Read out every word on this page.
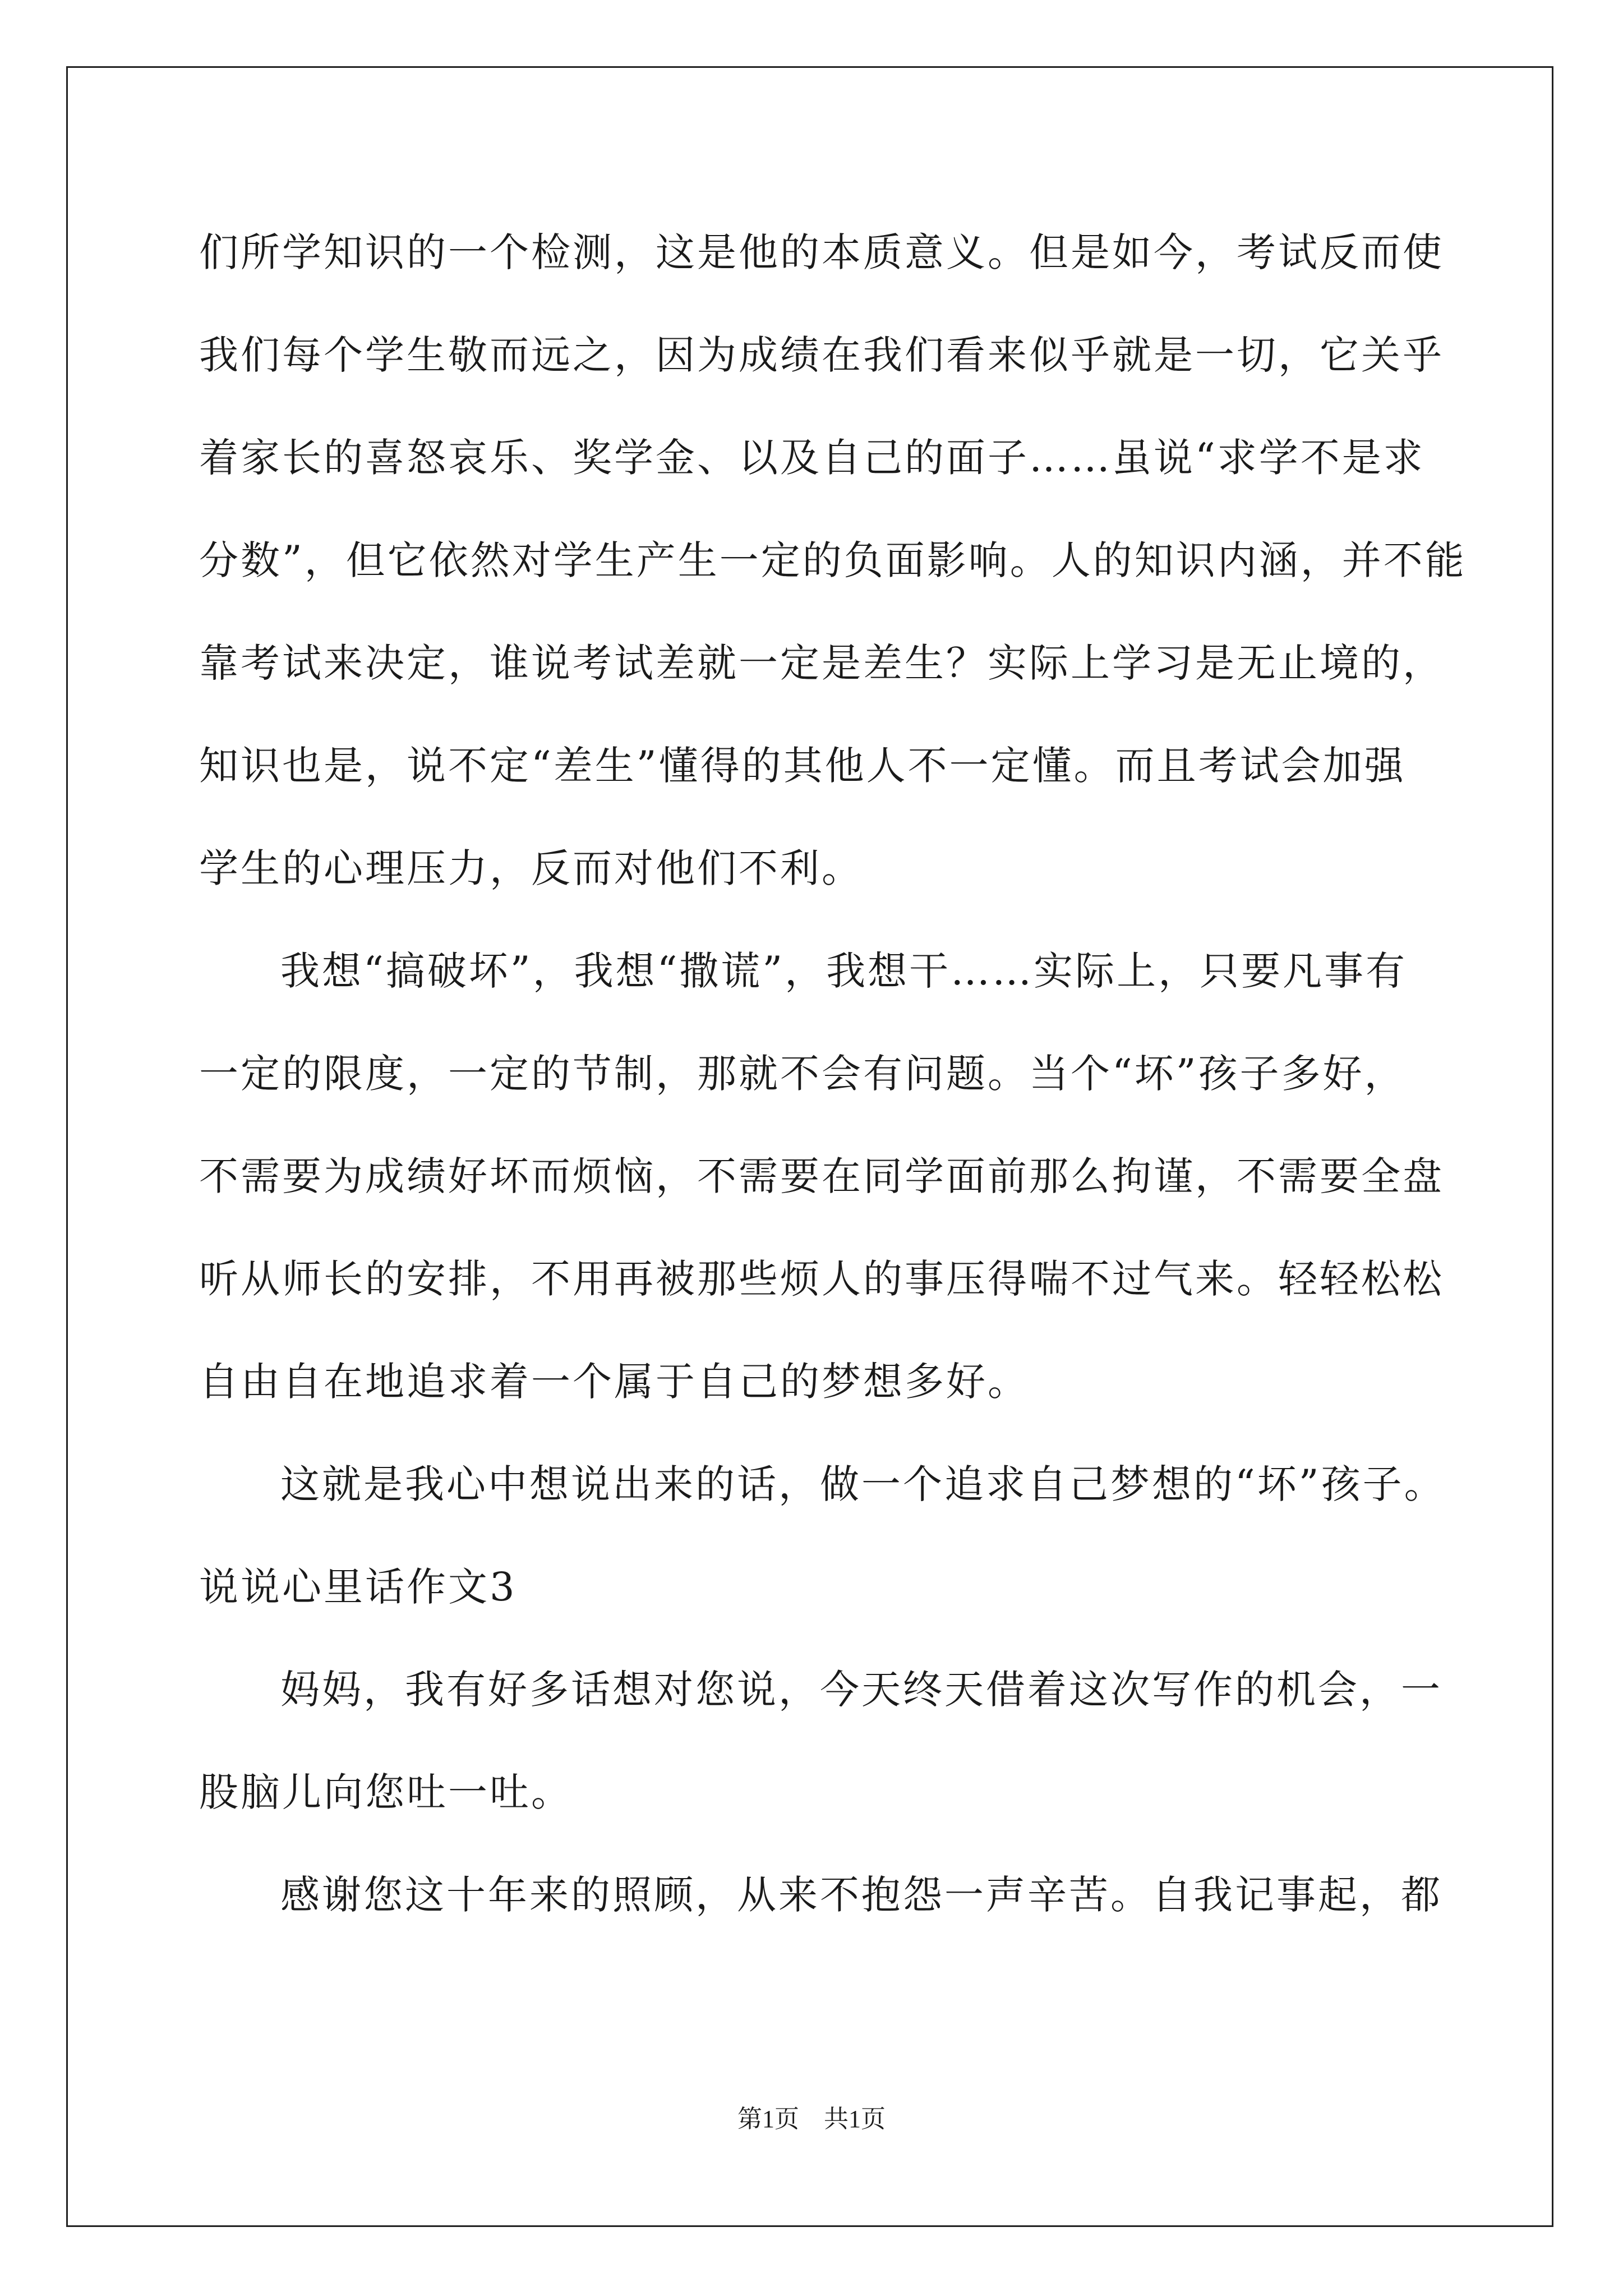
们所学知识的一个检测，这是他的本质意义。但是如今，考试反而使
我们每个学生敬而远之，因为成绩在我们看来似乎就是一切，它关乎
着家长的喜怒哀乐、奖学金、以及自己的面子……虽说“求学不是求
分数”，但它依然对学生产生一定的负面影响。人的知识内涵，并不能
靠考试来决定，谁说考试差就一定是差生？实际上学习是无止境的，
知识也是，说不定“差生”懂得的其他人不一定懂。而且考试会加强
学生的心理压力，反而对他们不利。
我想“搞破坏”，我想“撒谎”，我想干……实际上，只要凡事有
一定的限度，一定的节制，那就不会有问题。当个“坏”孩子多好，
不需要为成绩好坏而烦恼，不需要在同学面前那么拘谨，不需要全盘
听从师长的安排，不用再被那些烦人的事压得喘不过气来。轻轻松松
自由自在地追求着一个属于自己的梦想多好。
这就是我心中想说出来的话，做一个追求自己梦想的“坏”孩子。
说说心里话作文3
妈妈，我有好多话想对您说，今天终天借着这次写作的机会，一
股脑儿向您吐一吐。
感谢您这十年来的照顾，从来不抱怨一声辛苦。自我记事起，都
第1页　共1页
